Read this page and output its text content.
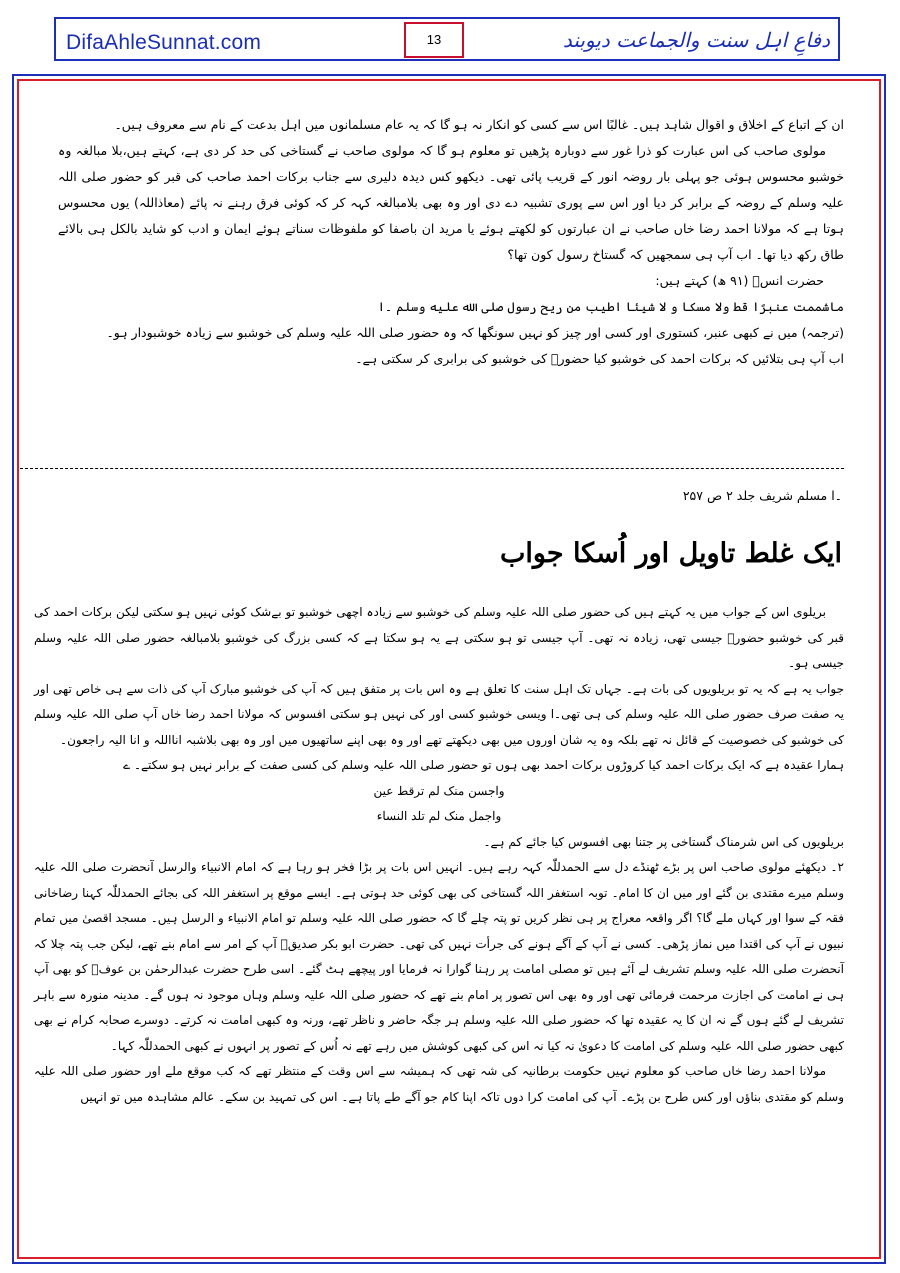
DifaAhleSunnat.com	13	دفاعِ اہل سنت والجماعت دیوبند

ان کے اتباع کے اخلاق و اقوال شاہد ہیں۔ غالبًا اس سے کسی کو انکار نہ ہو گا کہ یہ عام مسلمانوں میں اہل بدعت کے نام سے معروف ہیں۔

مولوی صاحب کی اس عبارت کو ذرا غور سے دوبارہ پڑھیں تو معلوم ہو گا کہ مولوی صاحب نے گستاخی کی حد کر دی ہے، کہتے ہیں،بلا مبالغہ وہ خوشبو محسوس ہوئی جو پہلی بار روضہ انور کے قریب پائی تھی۔ دیکھو کس دیدہ دلیری سے جناب برکات احمد صاحب کی قبر کو حضور صلی اللہ علیہ وسلم کے روضہ کے برابر کر دیا اور اس سے پوری تشبیہ دے دی اور وہ بھی بلامبالغہ کہہ کر کہ کوئی فرق رہنے نہ پائے (معاذاللہ) یوں محسوس ہوتا ہے کہ مولانا احمد رضا خاں صاحب نے ان عبارتوں کو لکھتے ہوئے یا مرید ان باصفا کو ملفوظات سناتے ہوئے ایمان و ادب کو شاید بالکل ہی بالائے طاق رکھ دیا تھا۔ اب آپ ہی سمجھیں کہ گستاخ رسول کون تھا؟

حضرت انسؓ (۹۱ ھ) کہتے ہیں:

ماشممت عنبرًا قط ولا مسكا و لا شيئا اطيب من ريح رسول صلی الله عليه وسلم ۔ا

(ترجمہ) میں نے کبھی عنبر، کستوری اور کسی اور چیز کو نہیں سونگھا کہ وہ حضور صلی اللہ علیہ وسلم کی خوشبو سے زیادہ خوشبودار ہو۔

اب آپ ہی بتلائیں کہ برکات احمد کی خوشبو کیا حضورؐ کی خوشبو کی برابری کر سکتی ہے۔

۔ا مسلم شریف جلد ۲ ص ۲۵۷
ایک غلط تاویل اور اُسکا جواب

بریلوی اس کے جواب میں یہ کہتے ہیں کی حضور صلی اللہ علیہ وسلم کی خوشبو سے زیادہ اچھی خوشبو تو بےشک کوئی نہیں ہو سکتی لیکن برکات احمد کی قبر کی خوشبو حضورؐ جیسی تھی، زیادہ نہ تھی۔ آپ جیسی تو ہو سکتی ہے یہ ہو سکتا ہے کہ کسی بزرگ کی خوشبو بلامبالغہ حضور صلی اللہ علیہ وسلم جیسی ہو۔

جواب یہ ہے کہ یہ تو بریلویوں کی بات ہے۔ جہاں تک اہل سنت کا تعلق ہے وہ اس بات پر متفق ہیں کہ آپ کی خوشبو مبارک آپ کی ذات سے ہی خاص تھی اور یہ صفت صرف حضور صلی اللہ علیہ وسلم کی ہی تھی۔ا ویسی خوشبو کسی اور کی نہیں ہو سکتی افسوس کہ مولانا احمد رضا خاں آپ صلی اللہ علیہ وسلم کی خوشبو کی خصوصیت کے قائل نہ تھے بلکہ وہ یہ شان اوروں میں بھی دیکھتے تھے اور وہ بھی اپنے ساتھیوں میں اور وہ بھی بلاشبہ انااللہ و انا الیہ راجعون۔

ہمارا عقیدہ ہے کہ ایک برکات احمد کیا کروڑوں برکات احمد بھی ہوں تو حضور صلی اللہ علیہ وسلم کی کسی صفت کے برابر نہیں ہو سکتے۔ ے

واجسن منک لم ترقط عين

واجمل منک لم تلد النساء

بریلویوں کی اس شرمناک گستاخی پر جتنا بھی افسوس کیا جائے کم ہے۔

۲۔ دیکھئے مولوی صاحب اس پر بڑے ٹھنڈے دل سے الحمدللّٰہ کہہ رہے ہیں۔ انہیں اس بات پر بڑا فخر ہو رہا ہے کہ امام الانبیاء والرسل آنحضرت صلی اللہ علیہ وسلم میرے مقتدی بن گئے اور میں ان کا امام۔ توبہ استغفر اللہ گستاخی کی بھی کوئی حد ہوتی ہے۔ ایسے موقع پر استغفر اللہ کی بجائے الحمدللّٰہ کہنا رضاخانی فقہ کے سوا اور کہاں ملے گا؟ اگر واقعہ معراج پر ہی نظر کریں تو پتہ چلے گا کہ حضور صلی اللہ علیہ وسلم تو امام الانبیاء و الرسل ہیں۔ مسجد اقصیٰ میں تمام نبیوں نے آپ کی اقتدا میں نماز پڑھی۔ کسی نے آپ کے آگے ہونے کی جرأت نہیں کی تھی۔ حضرت ابو بکر صدیقؓ آپ کے امر سے امام بنے تھے، لیکن جب پتہ چلا کہ آنحضرت صلی اللہ علیہ وسلم تشریف لے آئے ہیں تو مصلی امامت پر رہنا گوارا نہ فرمایا اور پیچھے ہٹ گئے۔ اسی طرح حضرت عبدالرحمٰن بن عوفؓ کو بھی آپ ہی نے امامت کی اجازت مرحمت فرمائی تھی اور وہ بھی اس تصور پر امام بنے تھے کہ حضور صلی اللہ علیہ وسلم وہاں موجود نہ ہوں گے۔ مدینہ منورہ سے باہر تشریف لے گئے ہوں گے نہ ان کا یہ عقیدہ تھا کہ حضور صلی اللہ علیہ وسلم ہر جگہ حاضر و ناظر تھے، ورنہ وہ کبھی امامت نہ کرتے۔ دوسرے صحابہ کرام نے بھی کبھی حضور صلی اللہ علیہ وسلم کی امامت کا دعویٰ نہ کیا نہ اس کی کبھی کوشش میں رہے تھے نہ اُس کے تصور پر انہوں نے کبھی الحمدللّٰہ کہا۔

مولانا احمد رضا خاں صاحب کو معلوم نہیں حکومت برطانیہ کی شہ تھی کہ ہمیشہ سے اس وقت کے منتظر تھے کہ کب موقع ملے اور حضور صلی اللہ علیہ وسلم کو مقتدی بناؤں اور کس طرح بن پڑے۔ آپ کی امامت کرا دوں تاکہ اپنا کام جو آگے طے پاتا ہے۔ اس کی تمہید بن سکے۔ عالم مشاہدہ میں تو انہیں
